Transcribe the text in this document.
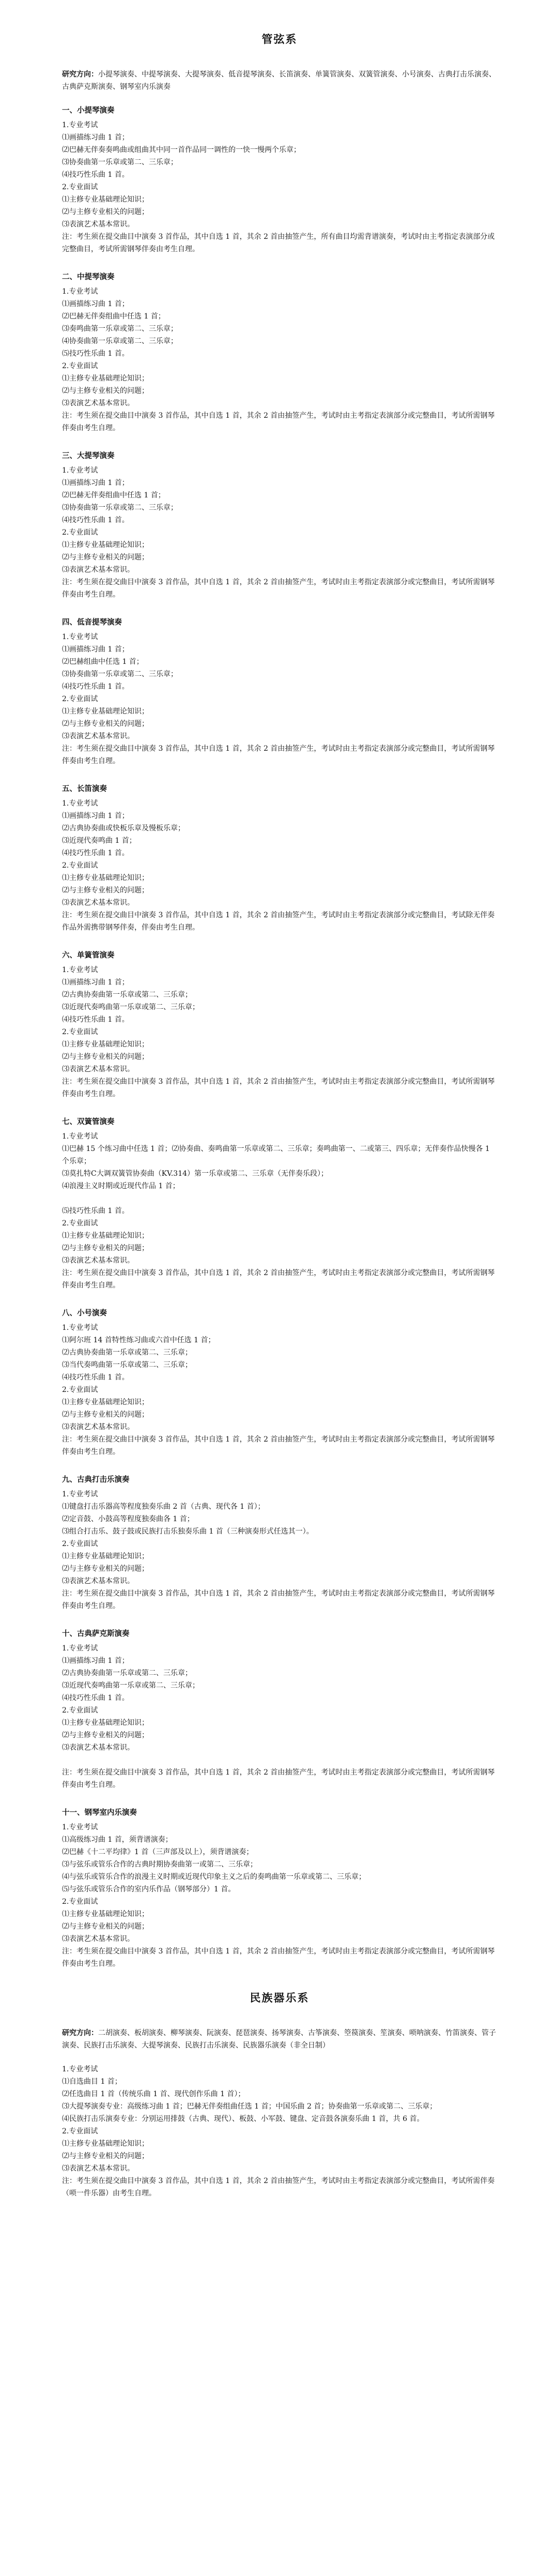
管弦系

研究方向：小提琴演奏、中提琴演奏、大提琴演奏、低音提琴演奏、长笛演奏、单簧管演奏、双簧管演奏、小号演奏、古典打击乐演奏、古典萨克斯演奏、钢琴室内乐演奏

一、小提琴演奏

1.专业考试

⑴画描练习曲 1 首；

⑵巴赫无伴奏奏鸣曲或组曲其中同一首作品同一调性的一快一慢两个乐章；

⑶协奏曲第一乐章或第二、三乐章；

⑷技巧性乐曲 1 首。

2.专业面试

⑴主修专业基础理论知识；

⑵与主修专业相关的问题；

⑶表演艺术基本常识。

注：考生须在提交曲目中演奏 3 首作品，其中自选 1 首，其余 2 首由抽签产生，所有曲目均需背谱演奏，考试时由主考指定表演部分或完整曲目，考试所需钢琴伴奏由考生自理。

二、中提琴演奏

1.专业考试

⑴画描练习曲 1 首；

⑵巴赫无伴奏组曲中任选 1 首；

⑶奏鸣曲第一乐章或第二、三乐章；

⑷协奏曲第一乐章或第二、三乐章；

⑸技巧性乐曲 1 首。

2.专业面试

⑴主修专业基础理论知识；

⑵与主修专业相关的问题；

⑶表演艺术基本常识。

注：考生须在提交曲目中演奏 3 首作品，其中自选 1 首，其余 2 首由抽签产生，考试时由主考指定表演部分或完整曲目，考试所需钢琴伴奏由考生自理。

三、大提琴演奏

1.专业考试

⑴画描练习曲 1 首；

⑵巴赫无伴奏组曲中任选 1 首；

⑶协奏曲第一乐章或第二、三乐章；

⑷技巧性乐曲 1 首。

2.专业面试

⑴主修专业基础理论知识；

⑵与主修专业相关的问题；

⑶表演艺术基本常识。

注：考生须在提交曲目中演奏 3 首作品，其中自选 1 首，其余 2 首由抽签产生，考试时由主考指定表演部分或完整曲目，考试所需钢琴伴奏由考生自理。

四、低音提琴演奏

1.专业考试

⑴画描练习曲 1 首；

⑵巴赫组曲中任选 1 首；

⑶协奏曲第一乐章或第二、三乐章；

⑷技巧性乐曲 1 首。

2.专业面试

⑴主修专业基础理论知识；

⑵与主修专业相关的问题；

⑶表演艺术基本常识。

注：考生须在提交曲目中演奏 3 首作品，其中自选 1 首，其余 2 首由抽签产生，考试时由主考指定表演部分或完整曲目，考试所需钢琴伴奏由考生自理。

五、长笛演奏

1.专业考试

⑴画描练习曲 1 首；

⑵古典协奏曲或快板乐章及慢板乐章；

⑶近现代奏鸣曲 1 首；

⑷技巧性乐曲 1 首。

2.专业面试

⑴主修专业基础理论知识；

⑵与主修专业相关的问题；

⑶表演艺术基本常识。

注：考生须在提交曲目中演奏 3 首作品，其中自选 1 首，其余 2 首由抽签产生，考试时由主考指定表演部分或完整曲目，考试除无伴奏作品外需携带钢琴伴奏，伴奏由考生自理。

六、单簧管演奏

1.专业考试

⑴画描练习曲 1 首；

⑵古典协奏曲第一乐章或第二、三乐章；

⑶近现代奏鸣曲第一乐章或第二、三乐章；

⑷技巧性乐曲 1 首。

2.专业面试

⑴主修专业基础理论知识；

⑵与主修专业相关的问题；

⑶表演艺术基本常识。

注：考生须在提交曲目中演奏 3 首作品，其中自选 1 首，其余 2 首由抽签产生，考试时由主考指定表演部分或完整曲目，考试所需钢琴伴奏由考生自理。

七、双簧管演奏

1.专业考试

⑴巴赫 15 个练习曲中任选 1 首；⑵协奏曲、奏鸣曲第一乐章或第二、三乐章；奏鸣曲第一、二或第三、四乐章；无伴奏作品快慢各 1 个乐章；

⑶莫扎特C大调双簧管协奏曲（KV.314）第一乐章或第二、三乐章（无伴奏乐段）；

⑷浪漫主义时期或近现代作品 1 首；

⑸技巧性乐曲 1 首。

2.专业面试

⑴主修专业基础理论知识；

⑵与主修专业相关的问题；

⑶表演艺术基本常识。

注：考生须在提交曲目中演奏 3 首作品，其中自选 1 首，其余 2 首由抽签产生，考试时由主考指定表演部分或完整曲目，考试所需钢琴伴奏由考生自理。

八、小号演奏

1.专业考试

⑴阿尔班 14 首特性练习曲或六首中任选 1 首；

⑵古典协奏曲第一乐章或第二、三乐章；

⑶当代奏鸣曲第一乐章或第二、三乐章；

⑷技巧性乐曲 1 首。

2.专业面试

⑴主修专业基础理论知识；

⑵与主修专业相关的问题；

⑶表演艺术基本常识。

注：考生须在提交曲目中演奏 3 首作品，其中自选 1 首，其余 2 首由抽签产生，考试时由主考指定表演部分或完整曲目，考试所需钢琴伴奏由考生自理。

九、古典打击乐演奏

1.专业考试

⑴键盘打击乐器高等程度独奏乐曲 2 首（古典、现代各 1 首）；

⑵定音鼓、小鼓高等程度独奏曲各 1 首；

⑶组合打击乐、鼓子鼓或民族打击乐独奏乐曲 1 首（三种演奏形式任选其一）。

2.专业面试

⑴主修专业基础理论知识；

⑵与主修专业相关的问题；

⑶表演艺术基本常识。

注：考生须在提交曲目中演奏 3 首作品，其中自选 1 首，其余 2 首由抽签产生，考试时由主考指定表演部分或完整曲目，考试所需钢琴伴奏由考生自理。

十、古典萨克斯演奏

1.专业考试

⑴画描练习曲 1 首；

⑵古典协奏曲第一乐章或第二、三乐章；

⑶近现代奏鸣曲第一乐章或第二、三乐章；

⑷技巧性乐曲 1 首。

2.专业面试

⑴主修专业基础理论知识；

⑵与主修专业相关的问题；

⑶表演艺术基本常识。

注：考生须在提交曲目中演奏 3 首作品，其中自选 1 首，其余 2 首由抽签产生，考试时由主考指定表演部分或完整曲目，考试所需钢琴伴奏由考生自理。

十一、钢琴室内乐演奏

1.专业考试

⑴高级练习曲 1 首，须背谱演奏；

⑵巴赫《十二平均律》1 首（三声部及以上），须背谱演奏；

⑶与弦乐或管乐合作的古典时期协奏曲第一或第二、三乐章；

⑷与弦乐或管乐合作的浪漫主义时期或近现代印象主义之后的奏鸣曲第一乐章或第二、三乐章；

⑸与弦乐或管乐合作的室内乐作品（钢琴部分）1 首。

2.专业面试

⑴主修专业基础理论知识；

⑵与主修专业相关的问题；

⑶表演艺术基本常识。

注：考生须在提交曲目中演奏 3 首作品，其中自选 1 首，其余 2 首由抽签产生，考试时由主考指定表演部分或完整曲目，考试所需钢琴伴奏由考生自理。

民族器乐系

研究方向：二胡演奏、板胡演奏、柳琴演奏、阮演奏、琵琶演奏、扬琴演奏、古筝演奏、箜篌演奏、笙演奏、唢呐演奏、竹笛演奏、管子演奏、民族打击乐演奏、大提琴演奏、民族打击乐演奏、民族器乐演奏（非全日制）

1.专业考试

⑴自选曲目 1 首；

⑵任选曲目 1 首（传统乐曲 1 首、现代创作乐曲 1 首）；

⑶大提琴演奏专业：高级练习曲 1 首；巴赫无伴奏组曲任选 1 首；中国乐曲 2 首；协奏曲第一乐章或第二、三乐章；

⑷民族打击乐演奏专业：分别运用排鼓（古典、现代）、板鼓、小军鼓、键盘、定音鼓各演奏乐曲 1 首，共 6 首。

2.专业面试

⑴主修专业基础理论知识；

⑵与主修专业相关的问题；

⑶表演艺术基本常识。

注：考生须在提交曲目中演奏 3 首作品，其中自选 1 首，其余 2 首由抽签产生，考试时由主考指定表演部分或完整曲目，考试所需伴奏（唢一件乐器）由考生自理。
